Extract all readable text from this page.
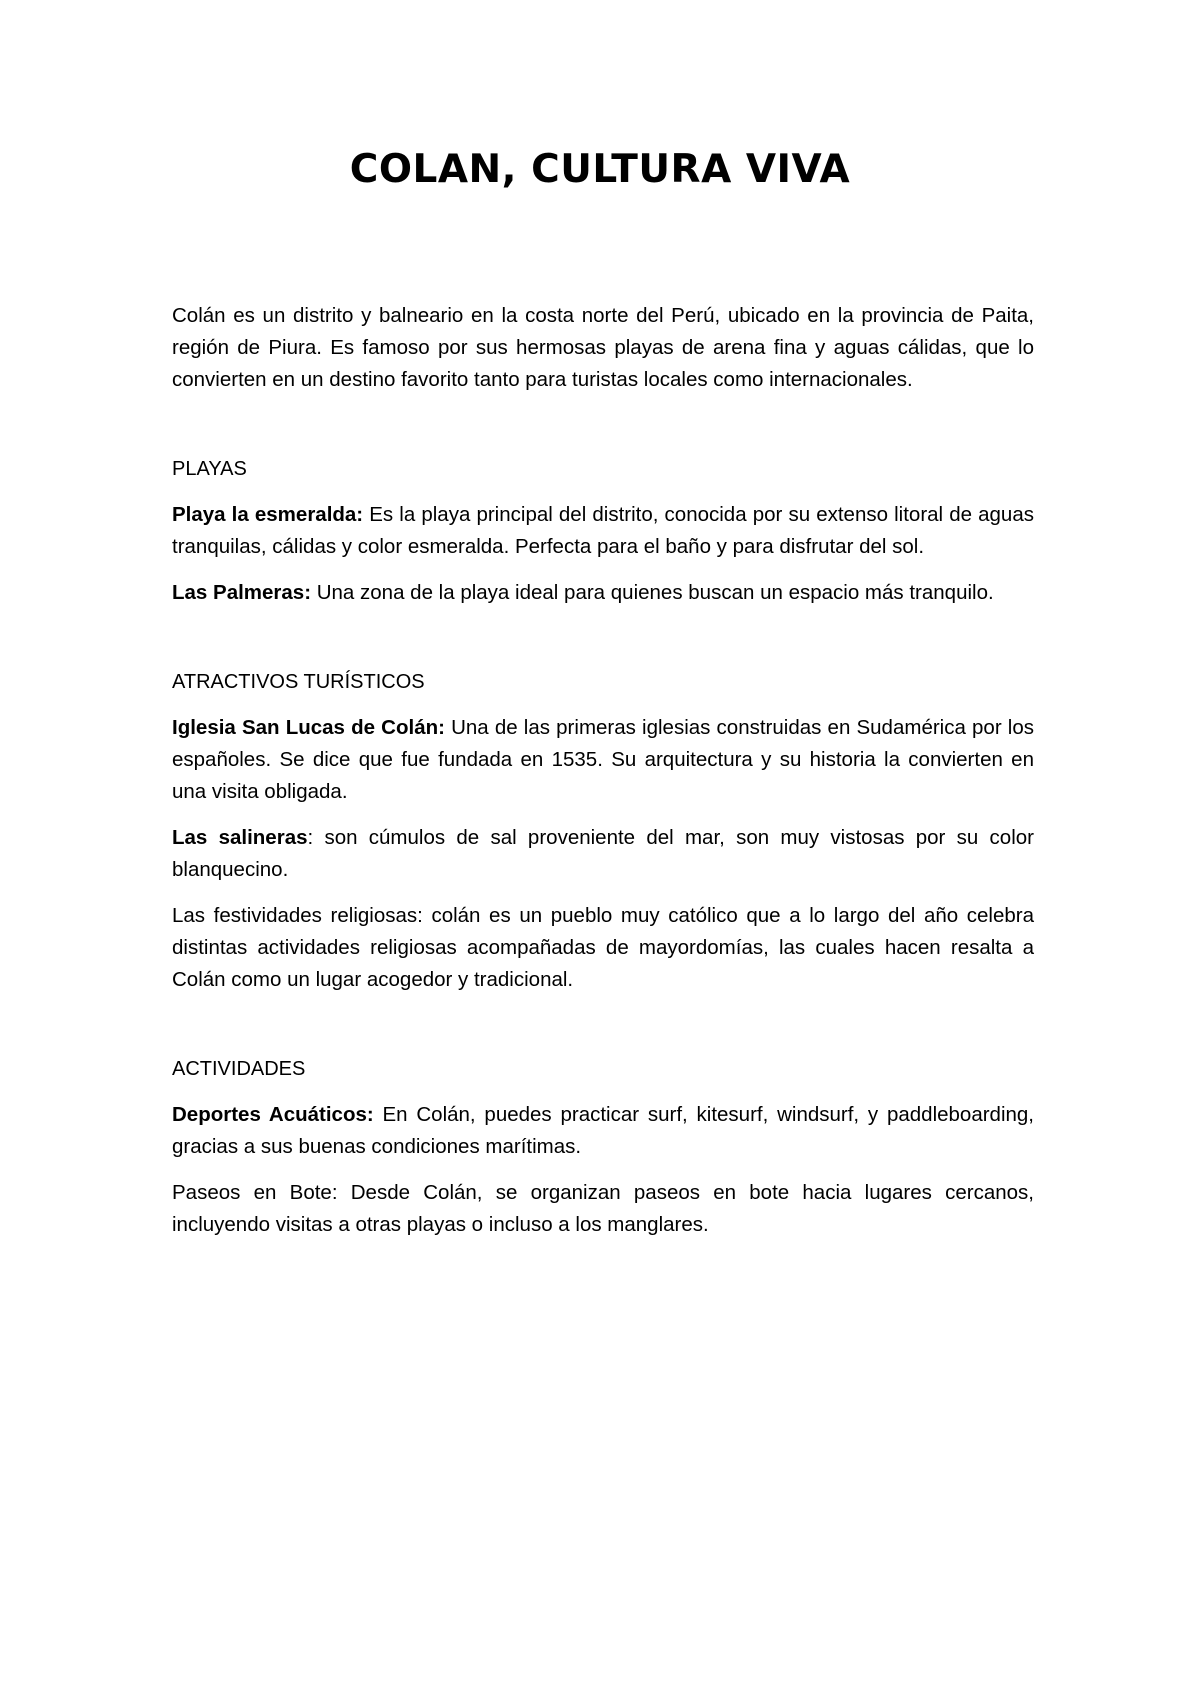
COLAN, CULTURA VIVA

Colán es un distrito y balneario en la costa norte del Perú, ubicado en la provincia de Paita, región de Piura. Es famoso por sus hermosas playas de arena fina y aguas cálidas, que lo convierten en un destino favorito tanto para turistas locales como internacionales.

PLAYAS

Playa la esmeralda: Es la playa principal del distrito, conocida por su extenso litoral de aguas tranquilas, cálidas y color esmeralda. Perfecta para el baño y para disfrutar del sol.

Las Palmeras: Una zona de la playa ideal para quienes buscan un espacio más tranquilo.

ATRACTIVOS TURÍSTICOS

Iglesia San Lucas de Colán: Una de las primeras iglesias construidas en Sudamérica por los españoles. Se dice que fue fundada en 1535. Su arquitectura y su historia la convierten en una visita obligada.

Las salineras: son cúmulos de sal proveniente del mar, son muy vistosas por su color blanquecino.

Las festividades religiosas: colán es un pueblo muy católico que a lo largo del año celebra distintas actividades religiosas acompañadas de mayordomías, las cuales hacen resalta a Colán como un lugar acogedor y tradicional.

ACTIVIDADES

Deportes Acuáticos: En Colán, puedes practicar surf, kitesurf, windsurf, y paddleboarding, gracias a sus buenas condiciones marítimas.

Paseos en Bote: Desde Colán, se organizan paseos en bote hacia lugares cercanos, incluyendo visitas a otras playas o incluso a los manglares.
